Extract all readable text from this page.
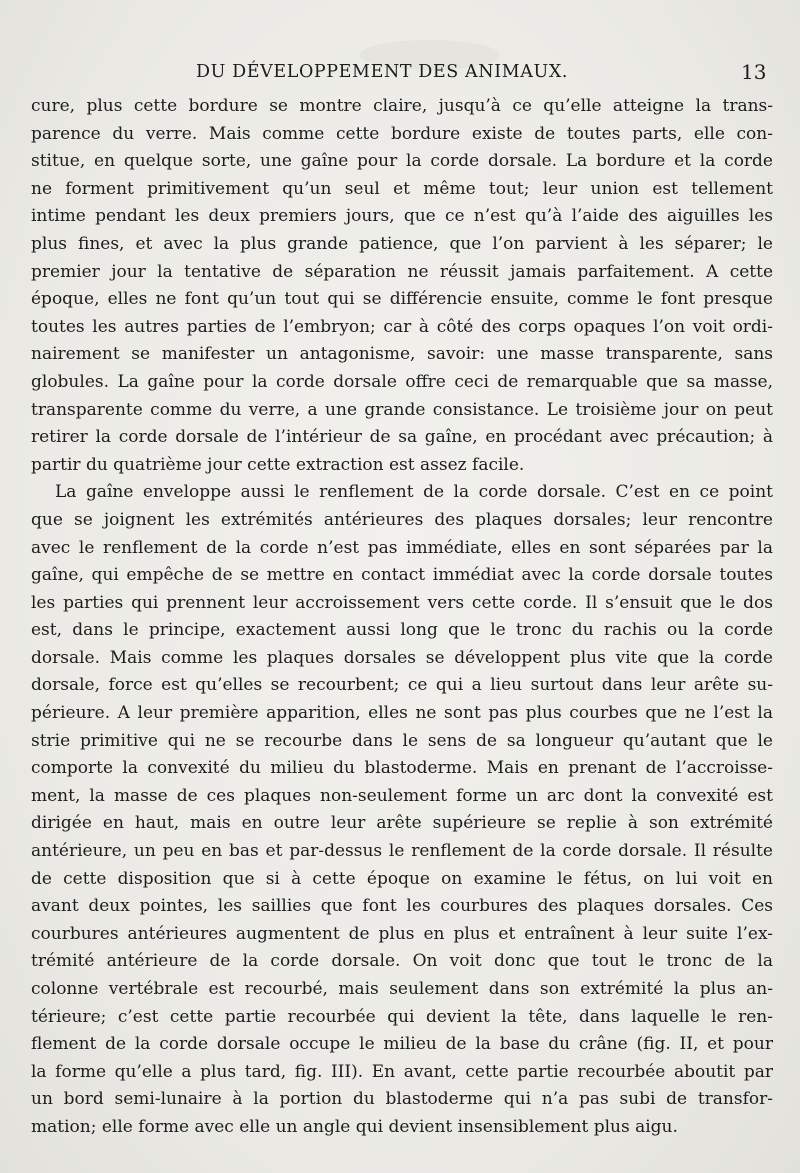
DU DÉVELOPPEMENT DES ANIMAUX.	13
cure, plus cette bordure se montre claire, jusqu’à ce qu’elle atteigne la trans-
parence du verre. Mais comme cette bordure existe de toutes parts, elle con-
stitue, en quelque sorte, une gaîne pour la corde dorsale. La bordure et la corde
ne forment primitivement qu’un seul et même tout; leur union est tellement
intime pendant les deux premiers jours, que ce n’est qu’à l’aide des aiguilles les
plus fines, et avec la plus grande patience, que l’on parvient à les séparer; le
premier jour la tentative de séparation ne réussit jamais parfaitement. A cette
époque, elles ne font qu’un tout qui se différencie ensuite, comme le font presque
toutes les autres parties de l’embryon; car à côté des corps opaques l’on voit ordi-
nairement se manifester un antagonisme, savoir: une masse transparente, sans
globules. La gaîne pour la corde dorsale offre ceci de remarquable que sa masse,
transparente comme du verre, a une grande consistance. Le troisième jour on peut
retirer la corde dorsale de l’intérieur de sa gaîne, en procédant avec précaution; à
partir du quatrième jour cette extraction est assez facile.
La gaîne enveloppe aussi le renflement de la corde dorsale. C’est en ce point
que se joignent les extrémités antérieures des plaques dorsales; leur rencontre
avec le renflement de la corde n’est pas immédiate, elles en sont séparées par la
gaîne, qui empêche de se mettre en contact immédiat avec la corde dorsale toutes
les parties qui prennent leur accroissement vers cette corde. Il s’ensuit que le dos
est, dans le principe, exactement aussi long que le tronc du rachis ou la corde
dorsale. Mais comme les plaques dorsales se développent plus vite que la corde
dorsale, force est qu’elles se recourbent; ce qui a lieu surtout dans leur arête su-
périeure. A leur première apparition, elles ne sont pas plus courbes que ne l’est la
strie primitive qui ne se recourbe dans le sens de sa longueur qu’autant que le
comporte la convexité du milieu du blastoderme. Mais en prenant de l’accroisse-
ment, la masse de ces plaques non-seulement forme un arc dont la convexité est
dirigée en haut, mais en outre leur arête supérieure se replie à son extrémité
antérieure, un peu en bas et par-dessus le renflement de la corde dorsale. Il résulte
de cette disposition que si à cette époque on examine le fétus, on lui voit en
avant deux pointes, les saillies que font les courbures des plaques dorsales. Ces
courbures antérieures augmentent de plus en plus et entraînent à leur suite l’ex-
trémité antérieure de la corde dorsale. On voit donc que tout le tronc de la
colonne vertébrale est recourbé, mais seulement dans son extrémité la plus an-
térieure; c’est cette partie recourbée qui devient la tête, dans laquelle le ren-
flement de la corde dorsale occupe le milieu de la base du crâne (fig. II, et pour
la forme qu’elle a plus tard, fig. III). En avant, cette partie recourbée aboutit par
un bord semi-lunaire à la portion du blastoderme qui n’a pas subi de transfor-
mation; elle forme avec elle un angle qui devient insensiblement plus aigu.
